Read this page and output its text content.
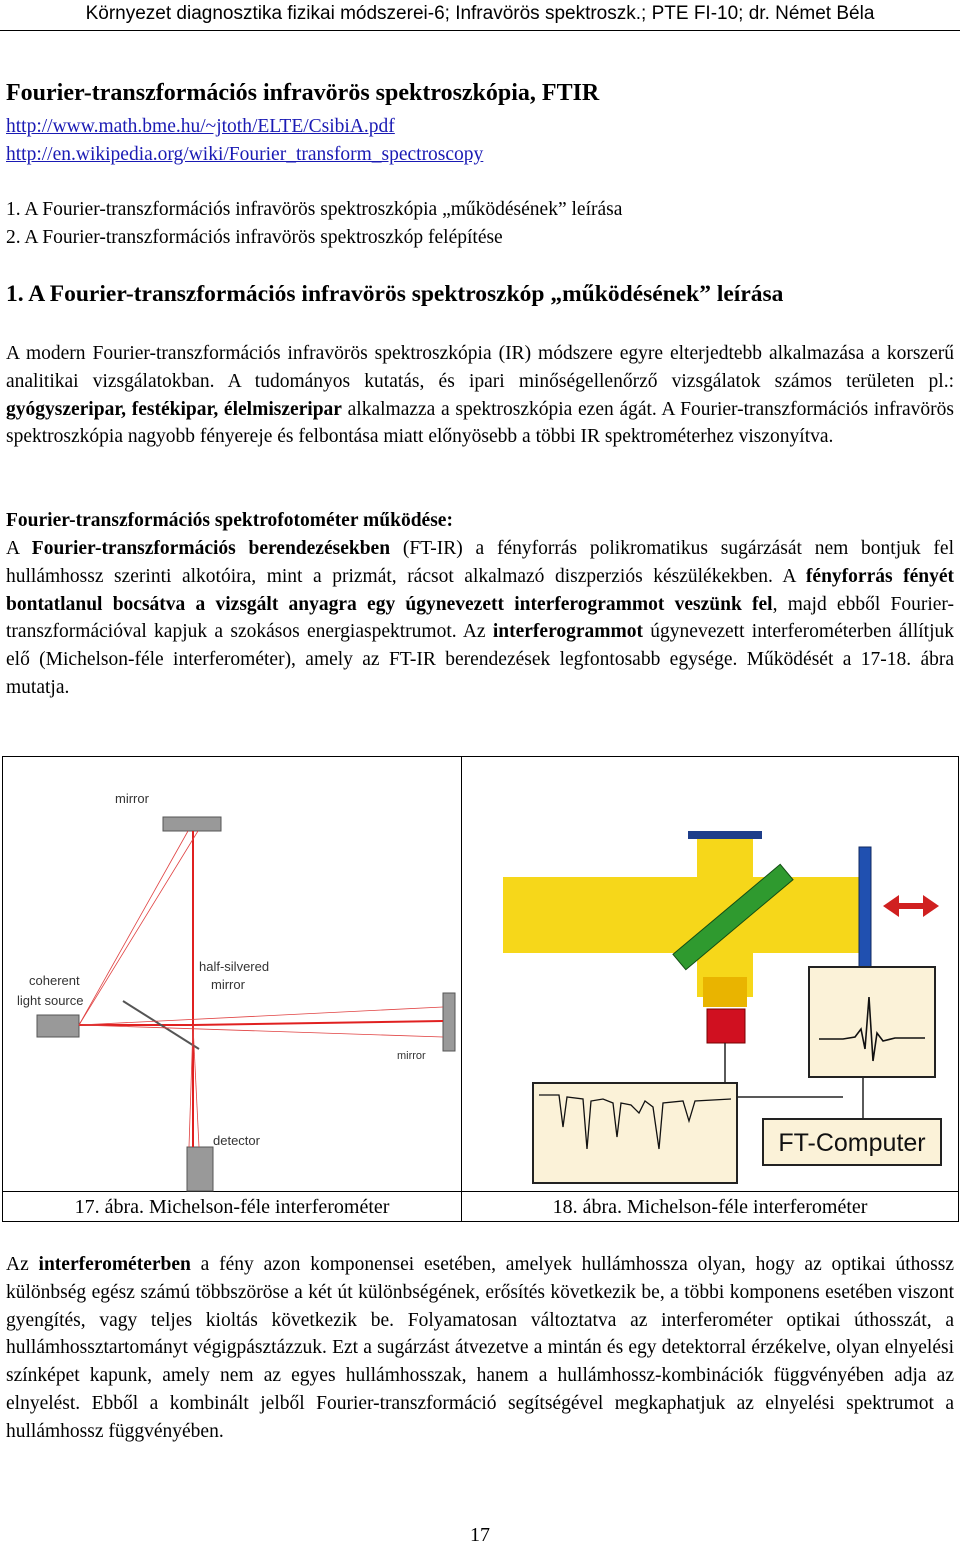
Környezet diagnosztika fizikai módszerei-6; Infravörös spektroszk.; PTE FI-10; dr. Német Béla
Fourier-transzformációs infravörös spektroszkópia, FTIR
http://www.math.bme.hu/~jtoth/ELTE/CsibiA.pdf
http://en.wikipedia.org/wiki/Fourier_transform_spectroscopy
1. A Fourier-transzformációs infravörös spektroszkópia „működésének” leírása
2. A Fourier-transzformációs infravörös spektroszkóp felépítése
1. A Fourier-transzformációs infravörös spektroszkóp „működésének” leírása
A modern Fourier-transzformációs infravörös spektroszkópia (IR) módszere egyre elterjedtebb alkalmazása a korszerű analitikai vizsgálatokban. A tudományos kutatás, és ipari minőségellenőrző vizsgálatok számos területen pl.: gyógyszeripar, festékipar, élelmiszeripar alkalmazza a spektroszkópia ezen ágát. A Fourier-transzformációs infravörös spektroszkópia nagyobb fényereje és felbontása miatt előnyösebb a többi IR spektrométerhez viszonyítva.
Fourier-transzformációs spektrofotométer működése:
A Fourier-transzformációs berendezésekben (FT-IR) a fényforrás polikromatikus sugárzását nem bontjuk fel hullámhossz szerinti alkotóira, mint a prizmát, rácsot alkalmazó diszperziós készülékekben. A fényforrás fényét bontatlanul bocsátva a vizsgált anyagra egy úgynevezett interferogrammot veszünk fel, majd ebből Fourier-transzformációval kapjuk a szokásos energiaspektrumot. Az interferogrammot úgynevezett interferométerben állítjuk elő (Michelson-féle interferométer), amely az FT-IR berendezések legfontosabb egysége. Működését a 17-18. ábra mutatja.
mirror
half-silvered
mirror
coherent
light source
mirror
detector	FT-Computer
17. ábra. Michelson-féle interferométer	18. ábra. Michelson-féle interferométer
Az interferométerben a fény azon komponensei esetében, amelyek hullámhossza olyan, hogy az optikai úthossz különbség egész számú többszöröse a két út különbségének, erősítés következik be, a többi komponens esetében viszont gyengítés, vagy teljes kioltás következik be. Folyamatosan változtatva az interferométer optikai úthosszát, a hullámhossztartományt végigpásztázzuk. Ezt a sugárzást átvezetve a mintán és egy detektorral érzékelve, olyan elnyelési színképet kapunk, amely nem az egyes hullámhosszak, hanem a hullámhossz-kombinációk függvényében adja az elnyelést. Ebből a kombinált jelből Fourier-transzformáció segítségével megkaphatjuk az elnyelési spektrumot a hullámhossz függvényében.
17
